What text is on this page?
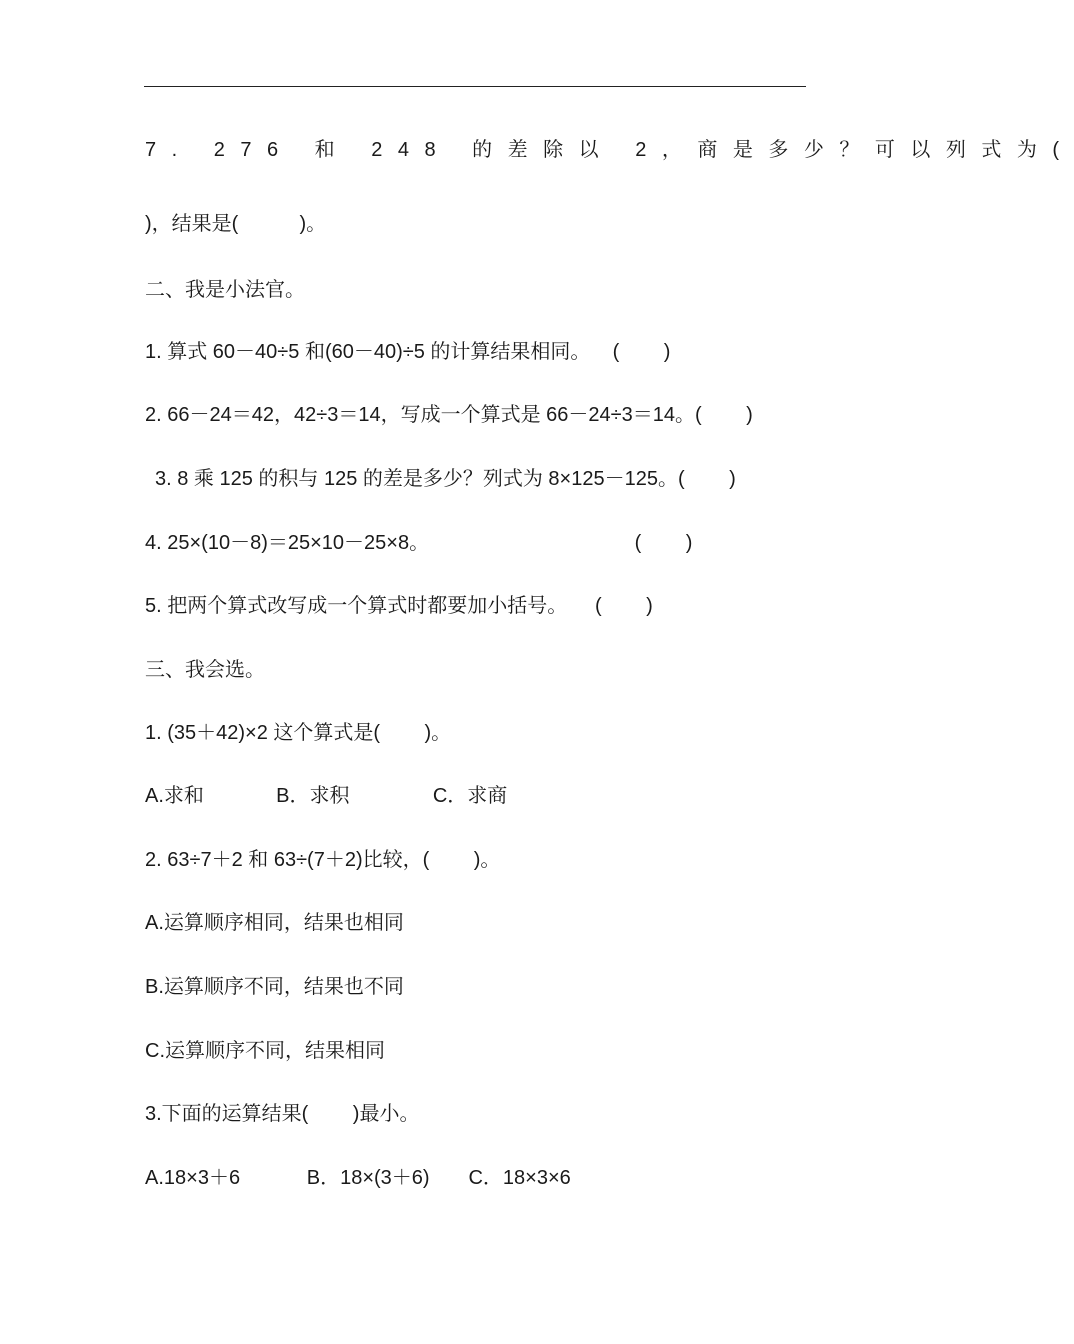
7. 276 和 248 的差除以 2，商是多少？可以列式为(
)，结果是(           )。
二、我是小法官。
1. 算式 60－40÷5 和(60－40)÷5 的计算结果相同。    (        )
2. 66－24＝42，42÷3＝14，写成一个算式是 66－24÷3＝14。(        )
3. 8 乘 125 的积与 125 的差是多少？列式为 8×125－125。(        )
4. 25×(10－8)＝25×10－25×8。                                     (        )
5. 把两个算式改写成一个算式时都要加小括号。     (        )
三、我会选。
1. (35＋42)×2 这个算式是(        )。
A.求和             B．求积               C．求商
2. 63÷7＋2 和 63÷(7＋2)比较，(        )。
A.运算顺序相同，结果也相同
B.运算顺序不同，结果也不同
C.运算顺序不同，结果相同
3.下面的运算结果(        )最小。
A.18×3＋6            B．18×(3＋6)       C．18×3×6
